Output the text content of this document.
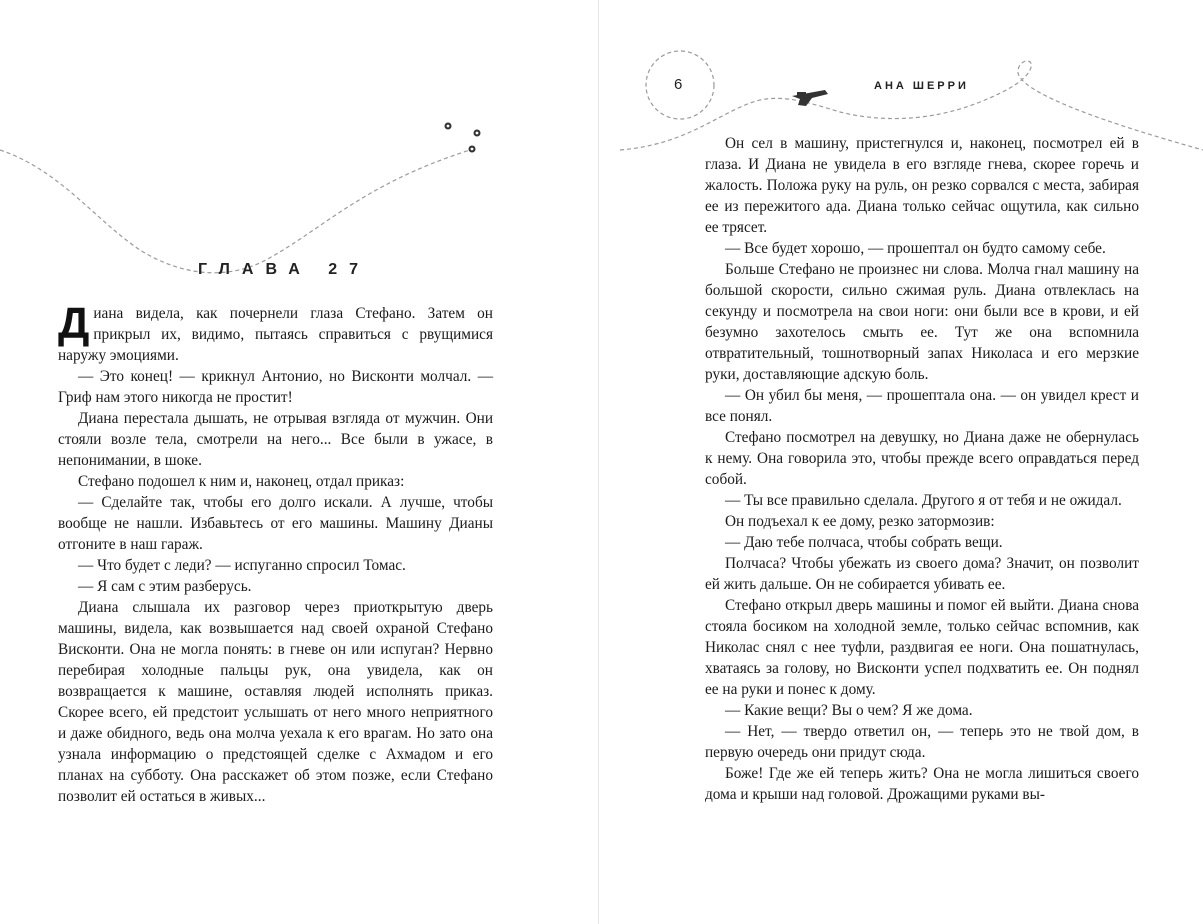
ГЛАВА 27

Диана видела, как почернели глаза Стефано. Затем он прикрыл их, видимо, пытаясь справиться с рвущимися наружу эмоциями.

— Это конец! — крикнул Антонио, но Висконти молчал. — Гриф нам этого никогда не простит!

Диана перестала дышать, не отрывая взгляда от мужчин. Они стояли возле тела, смотрели на него... Все были в ужасе, в непонимании, в шоке.

Стефано подошел к ним и, наконец, отдал приказ:

— Сделайте так, чтобы его долго искали. А лучше, чтобы вообще не нашли. Избавьтесь от его машины. Машину Дианы отгоните в наш гараж.

— Что будет с леди? — испуганно спросил Томас.

— Я сам с этим разберусь.

Диана слышала их разговор через приоткрытую дверь машины, видела, как возвышается над своей охраной Стефано Висконти. Она не могла понять: в гневе он или испуган? Нервно перебирая холодные пальцы рук, она увидела, как он возвращается к машине, оставляя людей исполнять приказ. Скорее всего, ей предстоит услышать от него много неприятного и даже обидного, ведь она молча уехала к его врагам. Но зато она узнала информацию о предстоящей сделке с Ахмадом и его планах на субботу. Она расскажет об этом позже, если Стефано позволит ей остаться в живых...

6	АНА ШЕРРИ

Он сел в машину, пристегнулся и, наконец, посмотрел ей в глаза. И Диана не увидела в его взгляде гнева, скорее горечь и жалость. Положа руку на руль, он резко сорвался с места, забирая ее из пережитого ада. Диана только сейчас ощутила, как сильно ее трясет.

— Все будет хорошо, — прошептал он будто самому себе.

Больше Стефано не произнес ни слова. Молча гнал машину на большой скорости, сильно сжимая руль. Диана отвлеклась на секунду и посмотрела на свои ноги: они были все в крови, и ей безумно захотелось смыть ее. Тут же она вспомнила отвратительный, тошнотворный запах Николаса и его мерзкие руки, доставляющие адскую боль.

— Он убил бы меня, — прошептала она. — он увидел крест и все понял.

Стефано посмотрел на девушку, но Диана даже не обернулась к нему. Она говорила это, чтобы прежде всего оправдаться перед собой.

— Ты все правильно сделала. Другого я от тебя и не ожидал.

Он подъехал к ее дому, резко затормозив:

— Даю тебе полчаса, чтобы собрать вещи.

Полчаса? Чтобы убежать из своего дома? Значит, он позволит ей жить дальше. Он не собирается убивать ее.

Стефано открыл дверь машины и помог ей выйти. Диана снова стояла босиком на холодной земле, только сейчас вспомнив, как Николас снял с нее туфли, раздвигая ее ноги. Она пошатнулась, хватаясь за голову, но Висконти успел подхватить ее. Он поднял ее на руки и понес к дому.

— Какие вещи? Вы о чем? Я же дома.

— Нет, — твердо ответил он, — теперь это не твой дом, в первую очередь они придут сюда.

Боже! Где же ей теперь жить? Она не могла лишиться своего дома и крыши над головой. Дрожащими руками вы-
